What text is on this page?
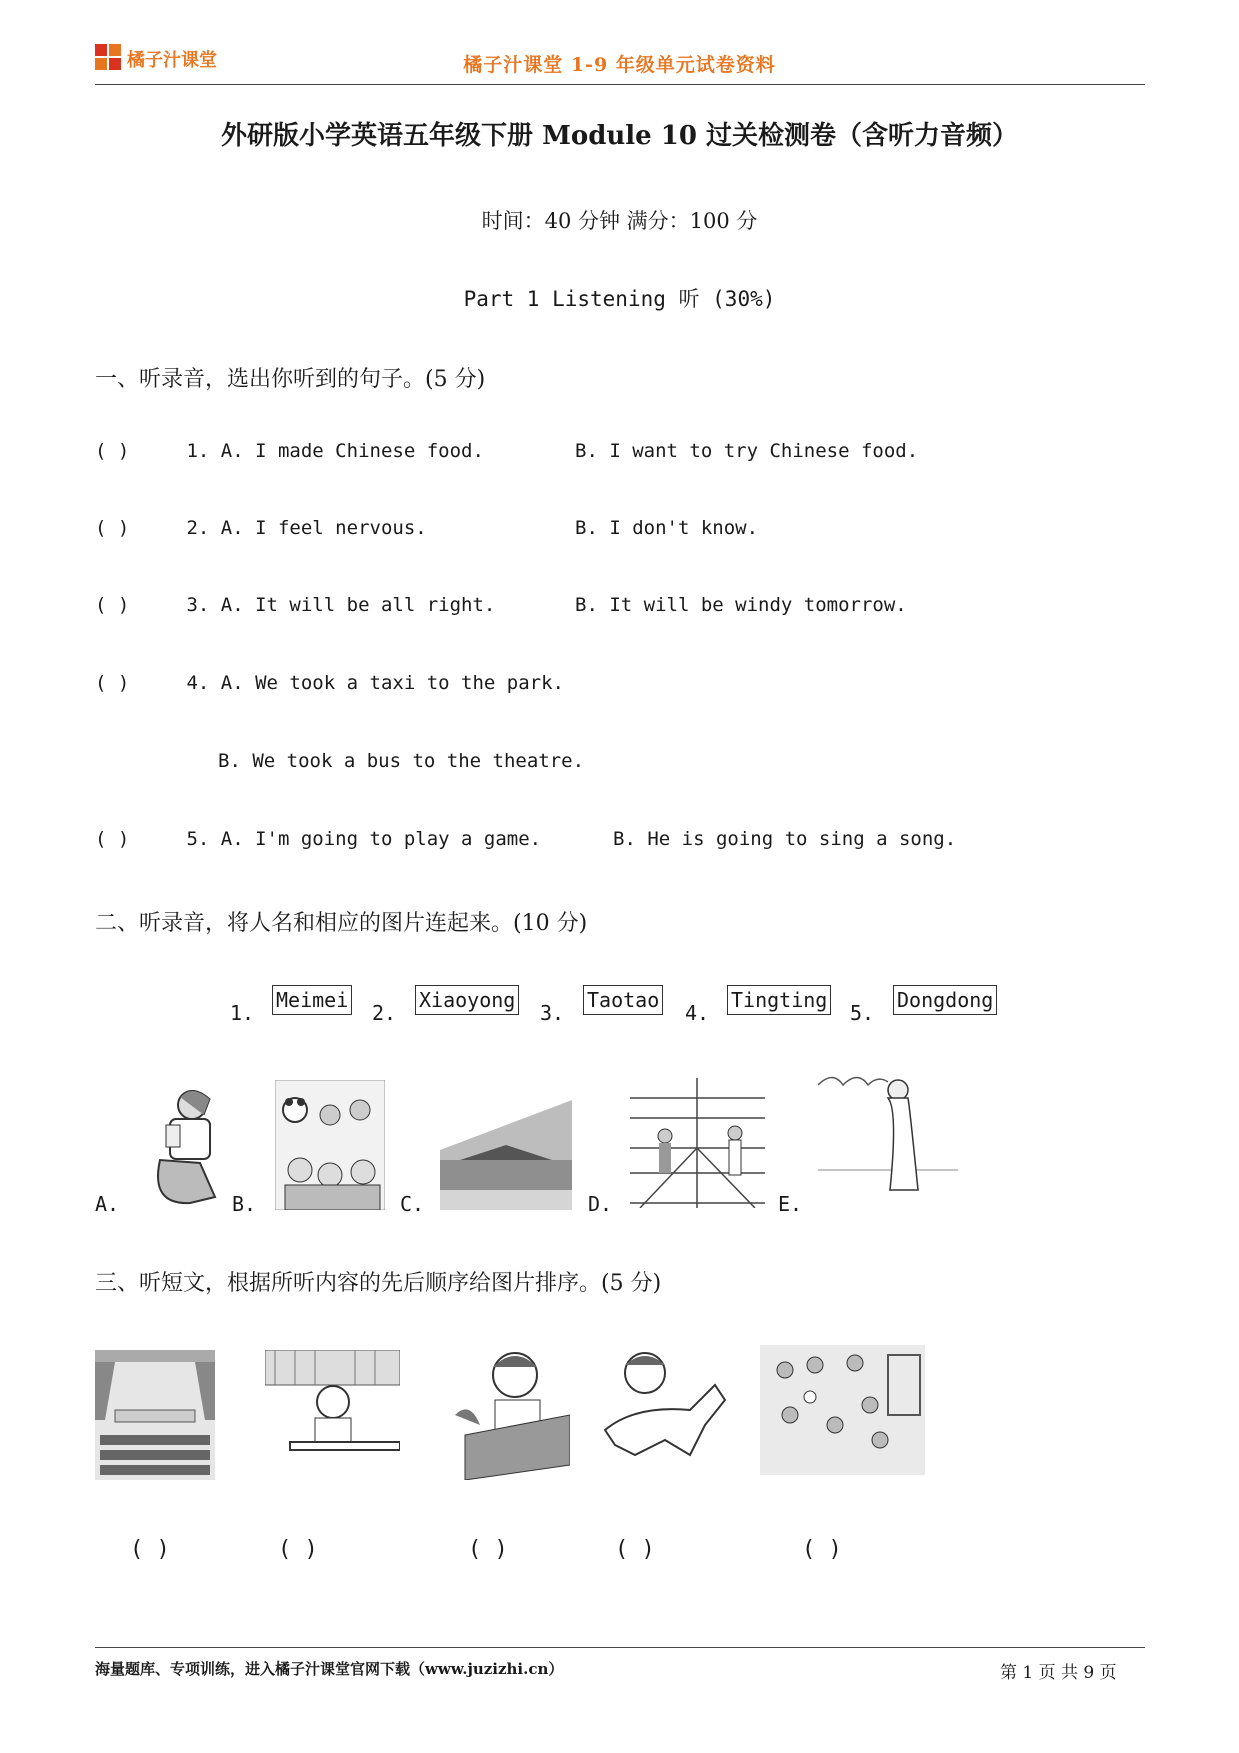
橘子汁课堂	橘子汁课堂 1-9 年级单元试卷资料
外研版小学英语五年级下册 Module 10 过关检测卷（含听力音频）
时间：40 分钟 满分：100 分
Part 1 Listening 听 (30%)
一、听录音，选出你听到的句子。(5 分)
( )	1. A. I made Chinese food.	B. I want to try Chinese food.
( )	2. A. I feel nervous.	B. I don't know.
( )	3. A. It will be all right.	B. It will be windy tomorrow.
( )	4. A. We took a taxi to the park.
B. We took a bus to the theatre.
( )	5. A. I'm going to play a game.	B. He is going to sing a song.
二、听录音，将人名和相应的图片连起来。(10 分)
1.
Meimei
2.
Xiaoyong
3.
Taotao
4.
Tingting
5.
Dongdong
A.	B.	C.	D.	E.
三、听短文，根据所听内容的先后顺序给图片排序。(5 分)
( )	( )	( )	( )	( )
海量题库、专项训练，进入橘子汁课堂官网下载（www.juzizhi.cn）	第 1 页 共 9 页
